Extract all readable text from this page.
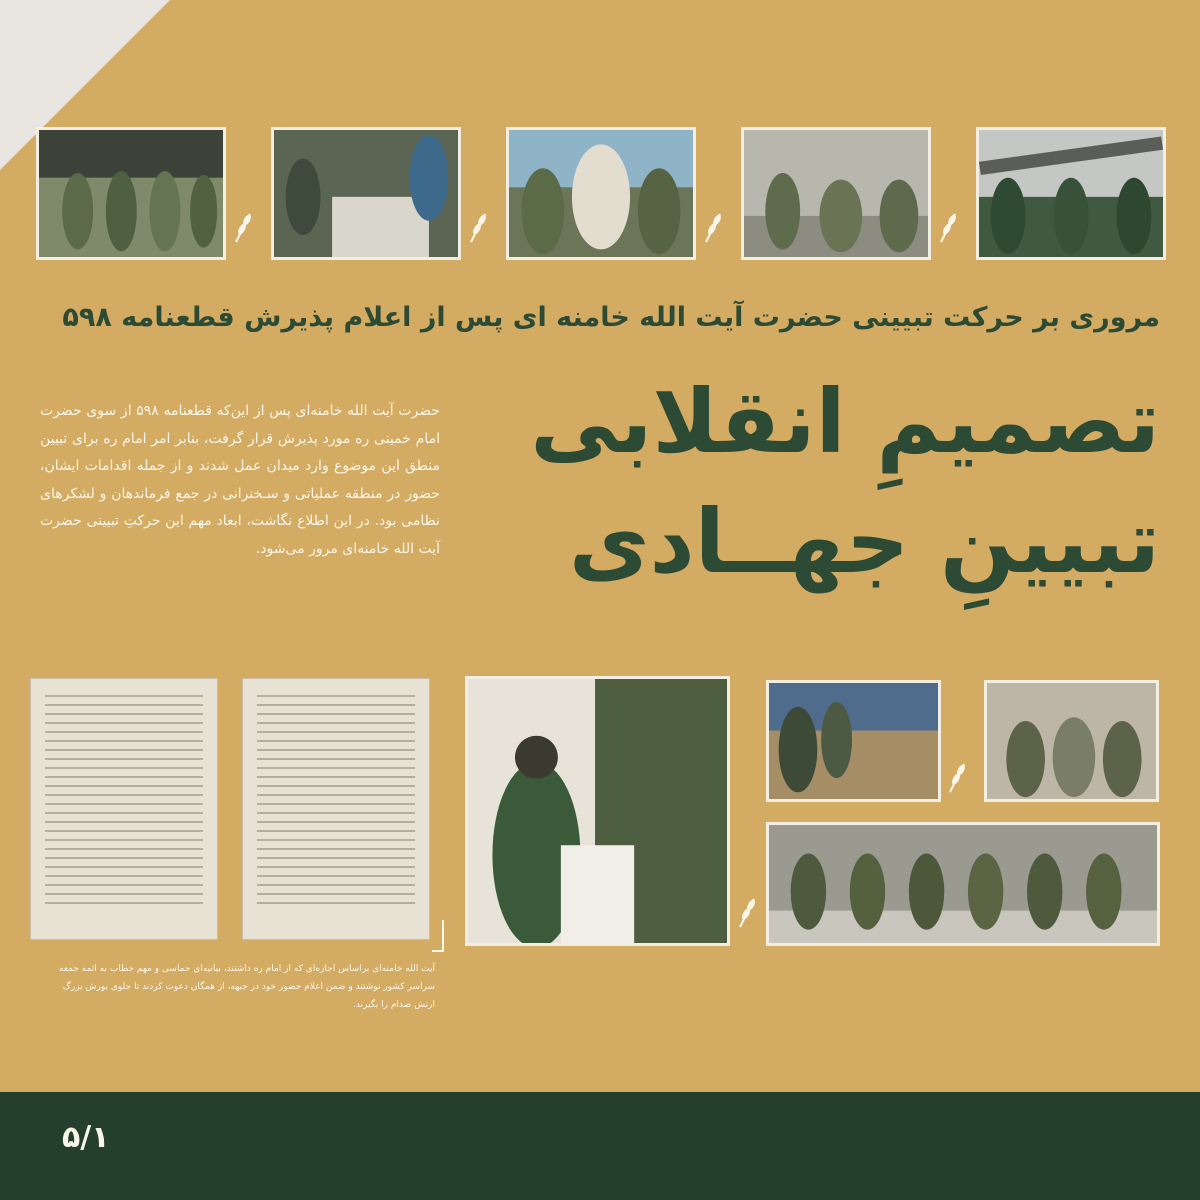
مروری بر حرکت تبیینی حضرت آیت الله خامنه ای پس از اعلام پذیرش قطعنامه ۵۹۸
تصمیمِ انقلابی
تبیینِ جهــادی
حضرت آیت الله خامنه‌ای پس از این‌که قطعنامه ۵۹۸ از سوی حضرت امام خمینی ره مورد پذیرش قرار گرفت، بنابر امر امام ره برای تبیین منطق این موضوع وارد میدان عمل شدند و از جمله اقدامات ایشان، حضور در منطقه عملیاتی و سـخنرانی در جمع فرماندهان و لشکرهای نظامی بود. در این اطلاع نگاشت، ابعاد مهم این حرکتِ تبیینی حضرت آیت الله خامنه‌ای مرور می‌شود.
آیت الله خامنه‌ای براساس اجازه‌ای که از امام ره داشتند، بیانیه‌ای حماسی و مهم خطاب به ائمه جمعه سراسر کشور نوشتند و ضمن اعلام حضور خود در جبهه، از همگان دعوت کردند تا جلوی یورش بزرگ ارتش صدام را بگیرند.
۵/۱
